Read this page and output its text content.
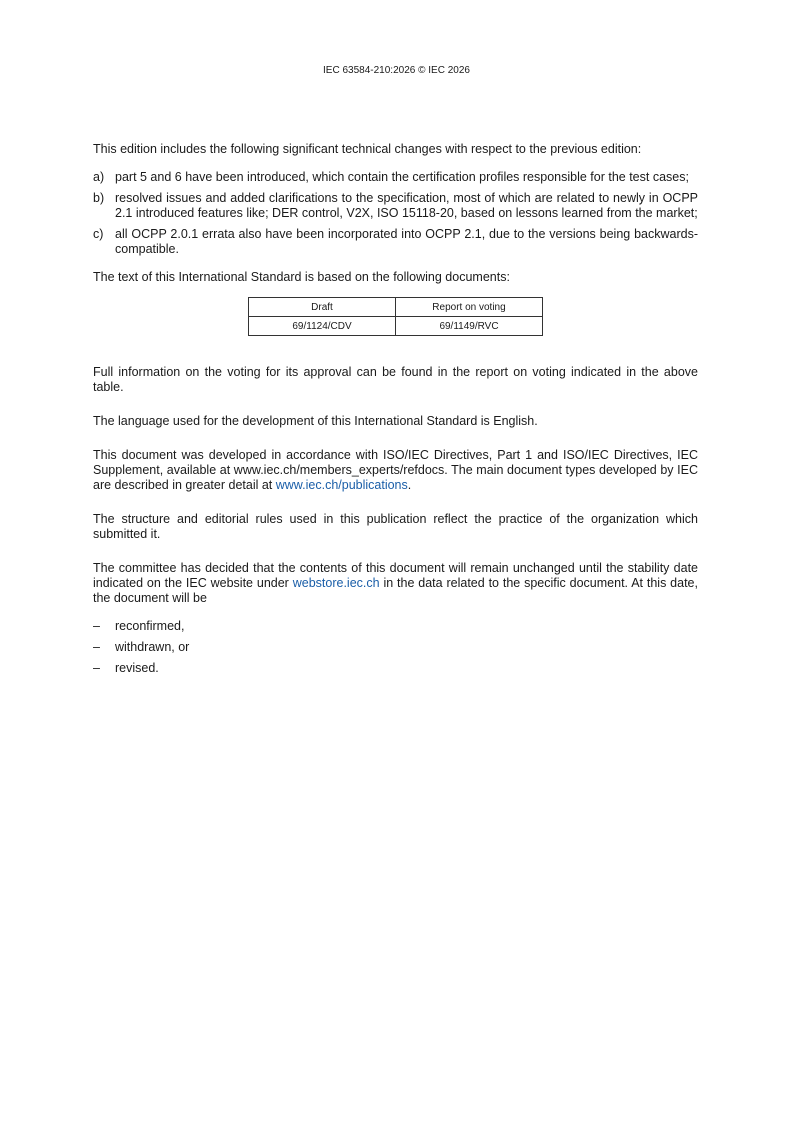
IEC 63584-210:2026 © IEC 2026

This edition includes the following significant technical changes with respect to the previous edition:

a) part 5 and 6 have been introduced, which contain the certification profiles responsible for the test cases;
b) resolved issues and added clarifications to the specification, most of which are related to newly in OCPP 2.1 introduced features like; DER control, V2X, ISO 15118-20, based on lessons learned from the market;
c) all OCPP 2.0.1 errata also have been incorporated into OCPP 2.1, due to the versions being backwards-compatible.

The text of this International Standard is based on the following documents:

Draft	Report on voting
69/1124/CDV	69/1149/RVC

Full information on the voting for its approval can be found in the report on voting indicated in the above table.

The language used for the development of this International Standard is English.

This document was developed in accordance with ISO/IEC Directives, Part 1 and ISO/IEC Directives, IEC Supplement, available at www.iec.ch/members_experts/refdocs. The main document types developed by IEC are described in greater detail at www.iec.ch/publications.

The structure and editorial rules used in this publication reflect the practice of the organization which submitted it.

The committee has decided that the contents of this document will remain unchanged until the stability date indicated on the IEC website under webstore.iec.ch in the data related to the specific document. At this date, the document will be

– reconfirmed,
– withdrawn, or
– revised.
